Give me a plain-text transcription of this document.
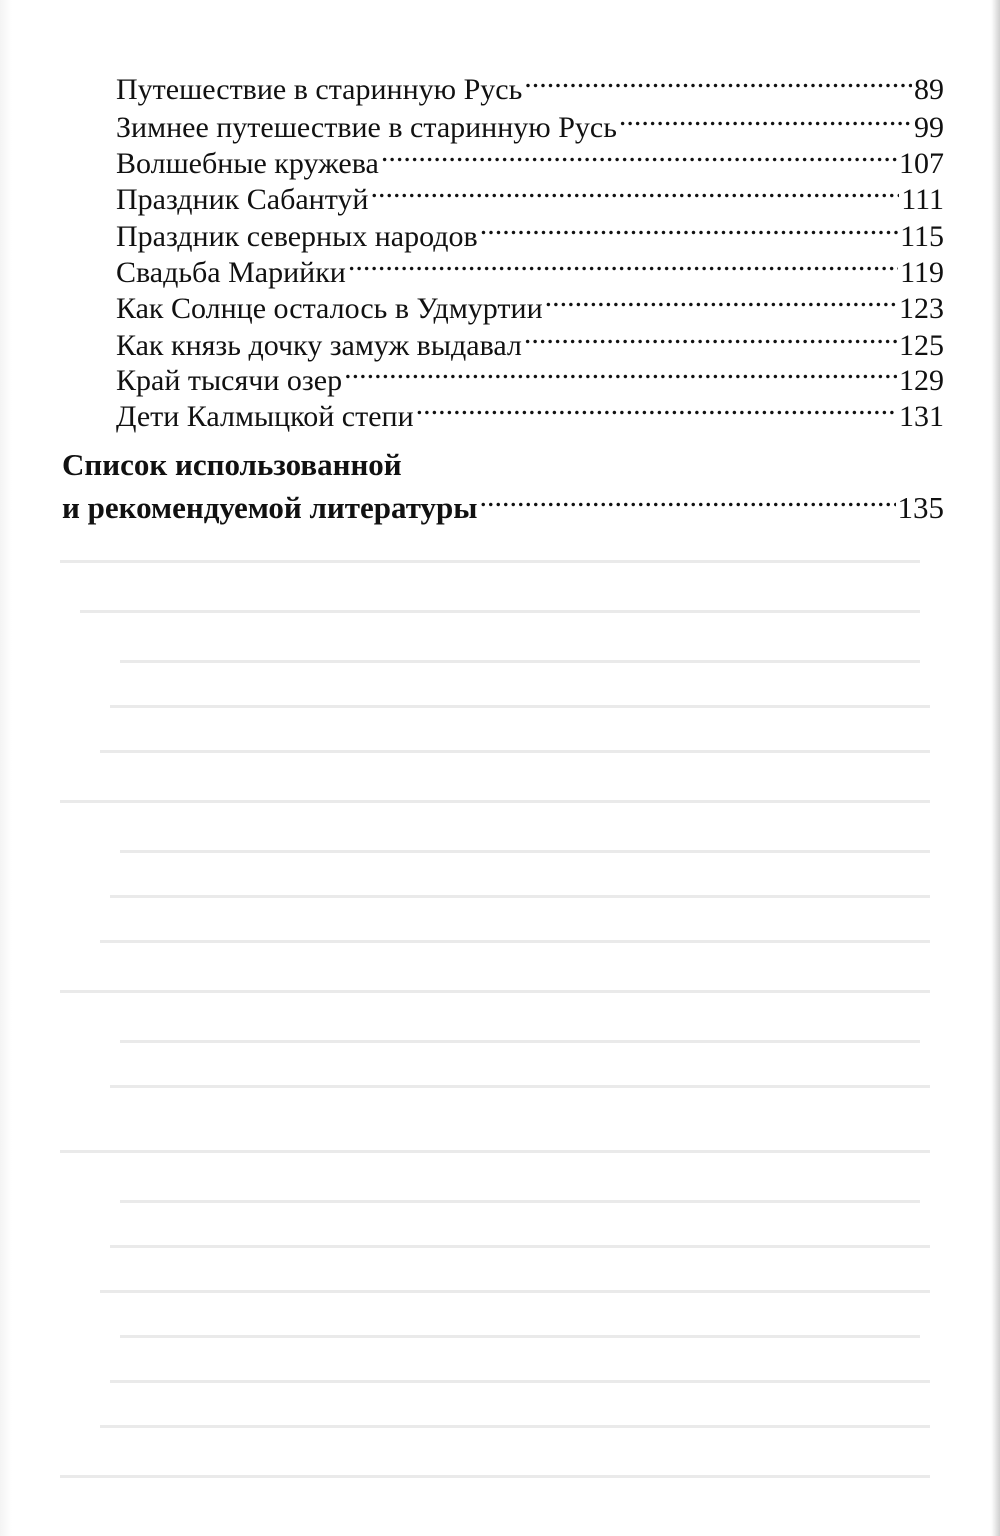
Путешествие в старинную Русь .....	89
Зимнее путешествие в старинную Русь .....	99
Волшебные кружева .....	107
Праздник Сабантуй .....	111
Праздник северных народов .....	115
Свадьба Марийки .....	119
Как Солнце осталось в Удмуртии .....	123
Как князь дочку замуж выдавал .....	125
Край тысячи озер .....	129
Дети Калмыцкой степи .....	131
Список использованной
и рекомендуемой литературы .....	135
